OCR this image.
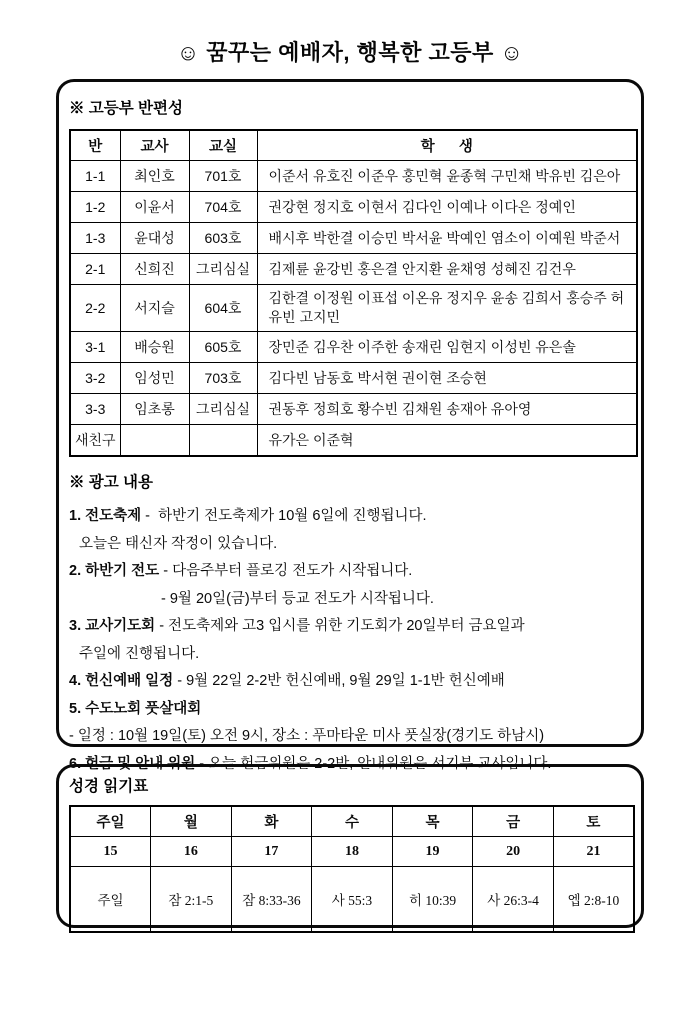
☺ 꿈꾸는 예배자, 행복한 고등부 ☺
※ 고등부 반편성
반	교사	교실	학      생
1-1	최인호	701호	이준서 유호진 이준우 홍민혁 윤종혁 구민채 박유빈 김은아
1-2	이윤서	704호	권강현 정지호 이현서 김다인 이예나 이다은 정예인
1-3	윤대성	603호	배시후 박한결 이승민 박서윤 박예인 염소이 이예원 박준서
2-1	신희진	그리심실	김제륜 윤강빈 홍은결 안지환 윤채영 성혜진 김건우
2-2	서지슬	604호	김한결 이정원 이표섭 이온유 정지우 윤송 김희서 홍승주 허유빈 고지민
3-1	배승원	605호	장민준 김우찬 이주한 송재린 임현지 이성빈 유은솔
3-2	임성민	703호	김다빈 남동호 박서현 권이현 조승현
3-3	임초롱	그리심실	권동후 정희호 황수빈 김채원 송재아 유아영
새친구			유가은 이준혁
※ 광고 내용
1. 전도축제 -  하반기 전도축제가 10월 6일에 진행됩니다.
오늘은 태신자 작정이 있습니다.
2. 하반기 전도 - 다음주부터 플로깅 전도가 시작됩니다.
- 9월 20일(금)부터 등교 전도가 시작됩니다.
3. 교사기도회 - 전도축제와 고3 입시를 위한 기도회가 20일부터 금요일과
주일에 진행됩니다.
4. 헌신예배 일정 - 9월 22일 2-2반 헌신예배, 9월 29일 1-1반 헌신예배
5. 수도노회 풋살대회
- 일정 : 10월 19일(토) 오전 9시, 장소 : 푸마타운 미사 풋실장(경기도 하남시)
6. 헌금 및 안내 위원 - 오늘 헌금위원은 2-2반, 안내위원은 서기부 교사입니다.
성경 읽기표
주일	월	화	수	목	금	토
15	16	17	18	19	20	21
주일	잠 2:1-5	잠 8:33-36	사 55:3	히 10:39	사 26:3-4	엡 2:8-10
